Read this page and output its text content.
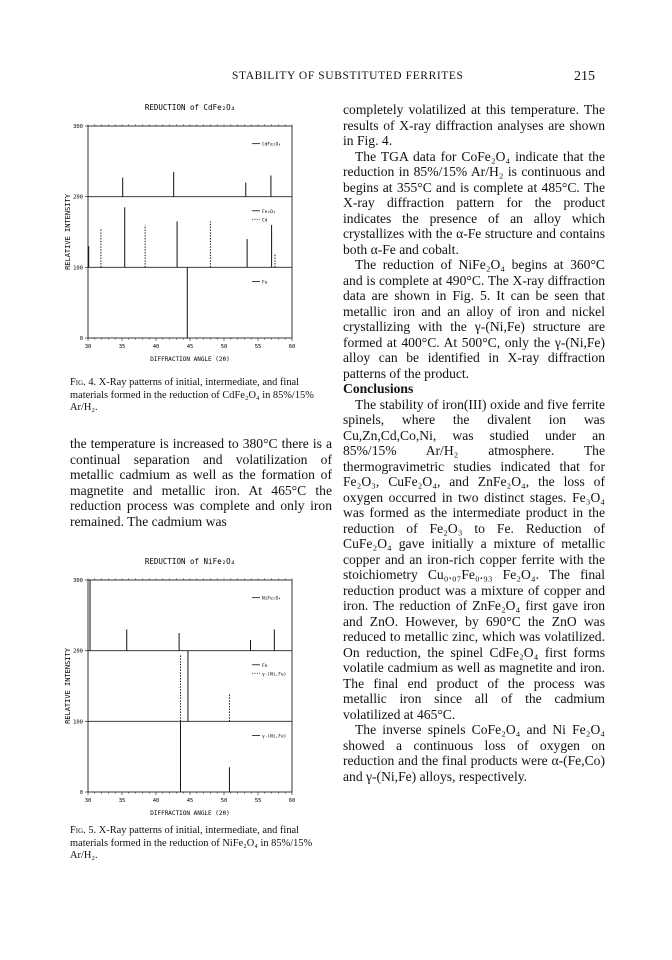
STABILITY OF SUBSTITUTED FERRITES	215
REDUCTION of CdFe₂O₄
30	35	40	45	50	55	60
0
100
200
300
DIFFRACTION ANGLE (2θ)
RELATIVE INTENSITY
CdFe₂O₄
Fe₃O₄
Cd
Fe
Fig. 4. X-Ray patterns of initial, intermediate, and final materials formed in the reduction of CdFe₂O₄ in 85%/15% Ar/H₂.

the temperature is increased to 380°C there is a continual separation and volatilization of metallic cadmium as well as the formation of magnetite and metallic iron. At 465°C the reduction process was complete and only iron remained. The cadmium was

REDUCTION of NiFe₂O₄
30	35	40	45	50	55	60
0
100
200
300
DIFFRACTION ANGLE (2θ)
RELATIVE INTENSITY
NiFe₂O₄
Fe
γ-(Ni,Fe)
γ-(Ni,Fe)
Fig. 5. X-Ray patterns of initial, intermediate, and final materials formed in the reduction of NiFe₂O₄ in 85%/15% Ar/H₂.

completely volatilized at this temperature. The results of X-ray diffraction analyses are shown in Fig. 4.

The TGA data for CoFe₂O₄ indicate that the reduction in 85%/15% Ar/H₂ is continuous and begins at 355°C and is complete at 485°C. The X-ray diffraction pattern for the product indicates the presence of an alloy which crystallizes with the α-Fe structure and contains both α-Fe and cobalt.

The reduction of NiFe₂O₄ begins at 360°C and is complete at 490°C. The X-ray diffraction data are shown in Fig. 5. It can be seen that metallic iron and an alloy of iron and nickel crystallizing with the γ-(Ni,Fe) structure are formed at 400°C. At 500°C, only the γ-(Ni,Fe) alloy can be identified in X-ray diffraction patterns of the product.

Conclusions

The stability of iron(III) oxide and five ferrite spinels, where the divalent ion was Cu,Zn,Cd,Co,Ni, was studied under an 85%/15% Ar/H₂ atmosphere. The thermogravimetric studies indicated that for Fe₂O₃, CuFe₂O₄, and ZnFe₂O₄, the loss of oxygen occurred in two distinct stages. Fe₃O₄ was formed as the intermediate product in the reduction of Fe₂O₃ to Fe. Reduction of CuFe₂O₄ gave initially a mixture of metallic copper and an iron-rich copper ferrite with the stoichiometry Cu₀.₀₇Fe₀.₉₃ Fe₂O₄. The final reduction product was a mixture of copper and iron. The reduction of ZnFe₂O₄ first gave iron and ZnO. However, by 690°C the ZnO was reduced to metallic zinc, which was volatilized. On reduction, the spinel CdFe₂O₄ first forms volatile cadmium as well as magnetite and iron. The final end product of the process was metallic iron since all of the cadmium volatilized at 465°C.

The inverse spinels CoFe₂O₄ and Ni Fe₂O₄ showed a continuous loss of oxygen on reduction and the final products were α-(Fe,Co) and γ-(Ni,Fe) alloys, respectively.
